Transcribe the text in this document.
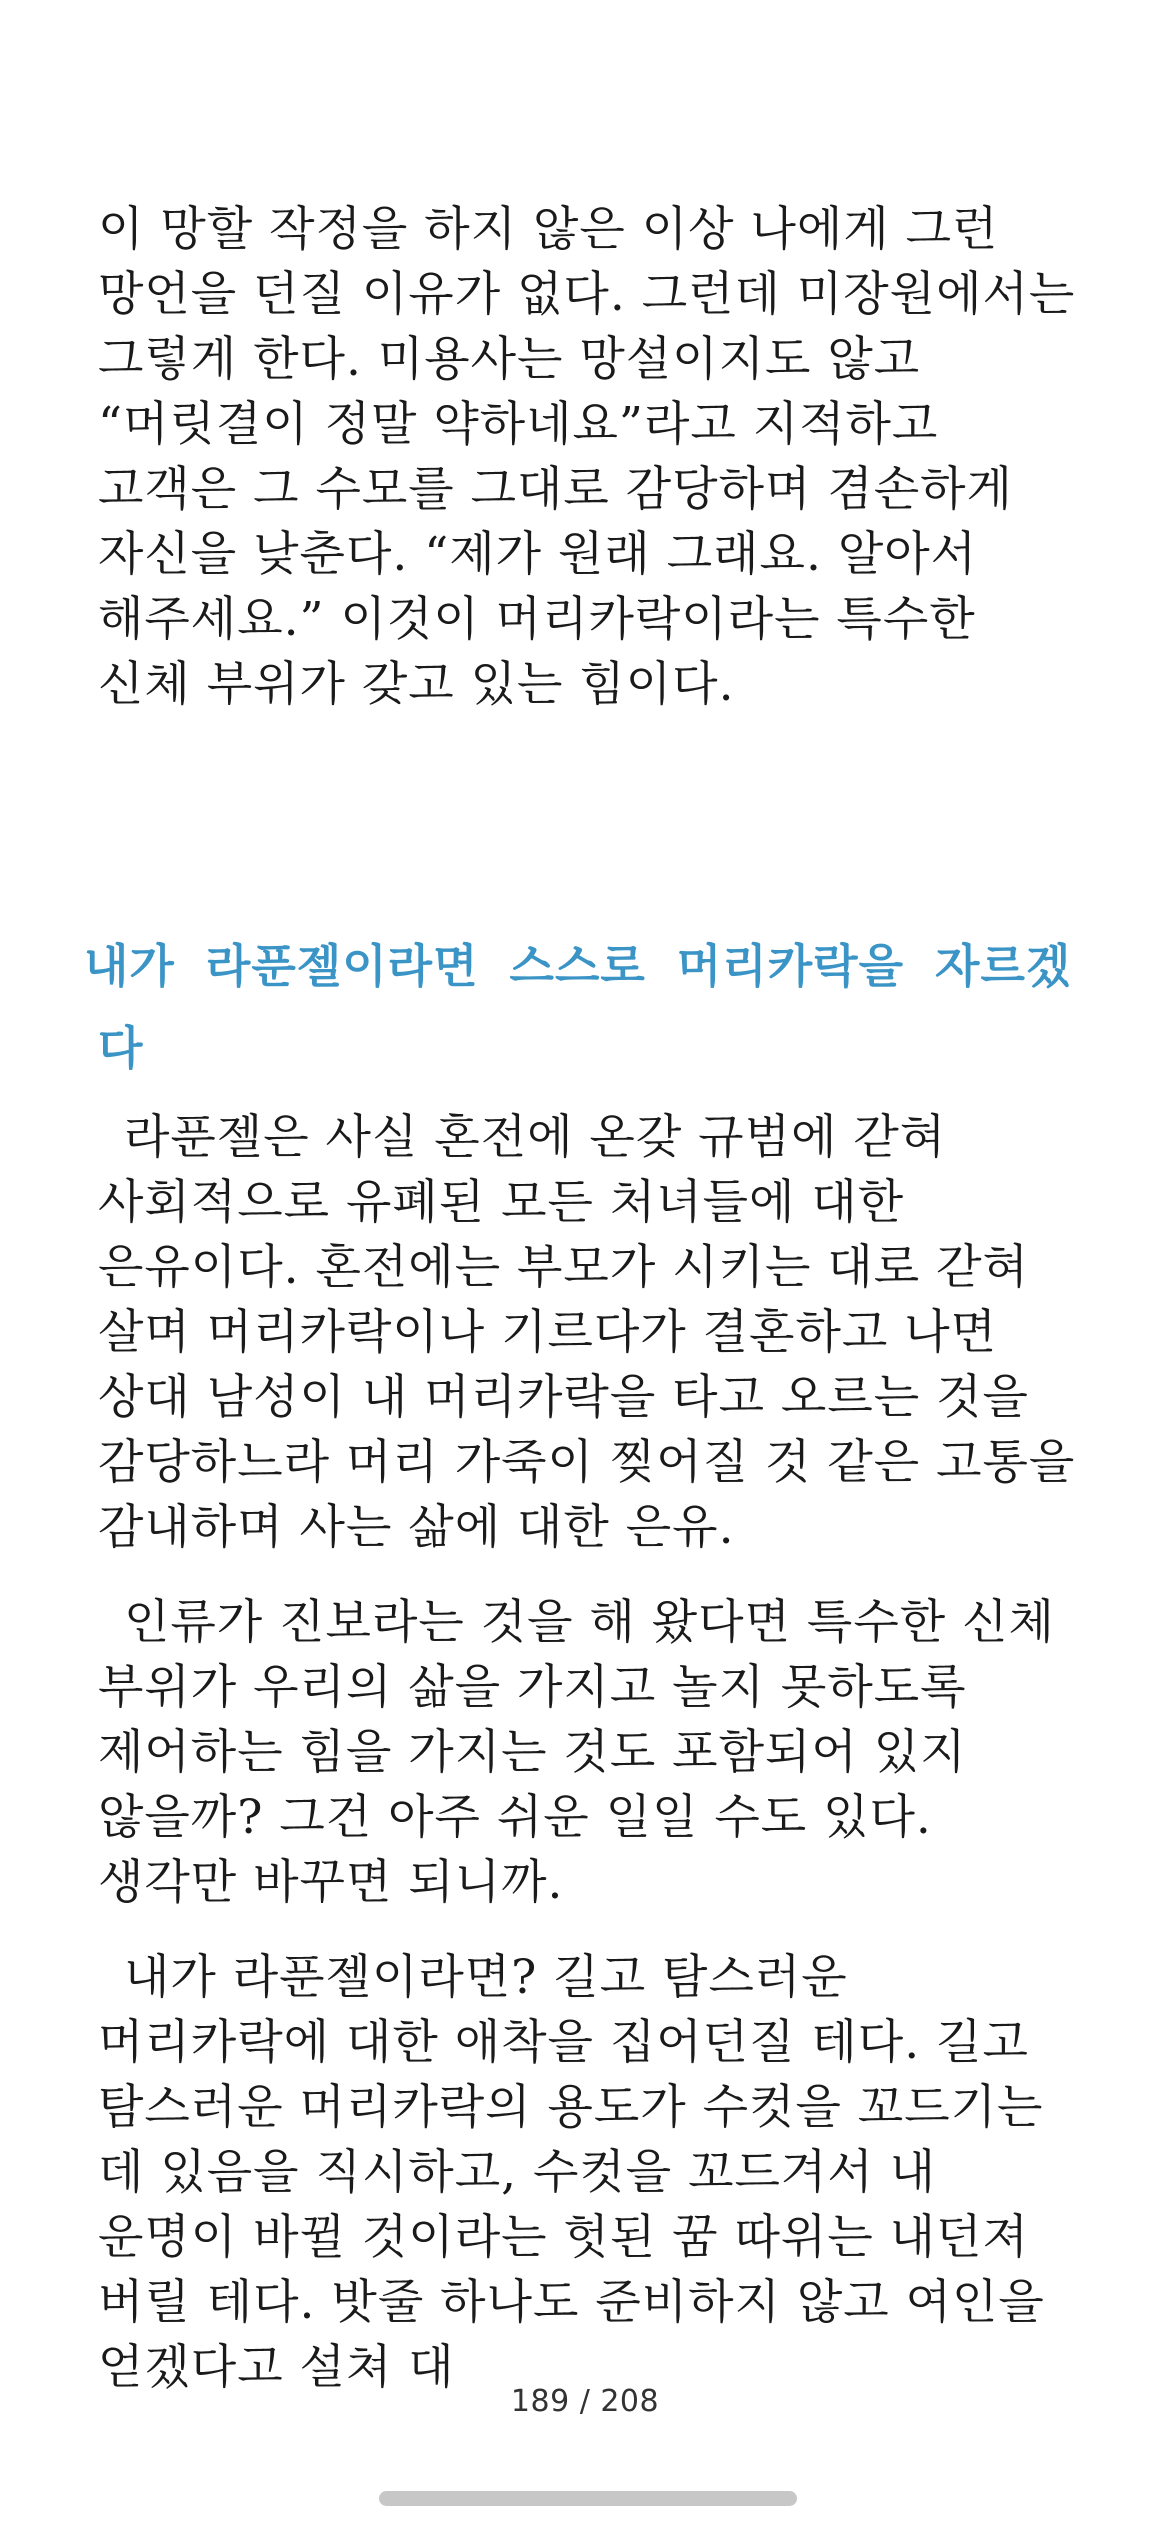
이 망할 작정을 하지 않은 이상 나에게 그런 망언을 던질 이유가 없다. 그런데 미장원에서는 그렇게 한다. 미용사는 망설이지도 않고 “머릿결이 정말 약하네요”라고 지적하고 고객은 그 수모를 그대로 감당하며 겸손하게 자신을 낮춘다. “제가 원래 그래요. 알아서 해주세요.” 이것이 머리카락이라는 특수한 신체 부위가 갖고 있는 힘이다.

내가 라푼젤이라면 스스로 머리카락을 자르겠다

라푼젤은 사실 혼전에 온갖 규범에 갇혀 사회적으로 유폐된 모든 처녀들에 대한 은유이다. 혼전에는 부모가 시키는 대로 갇혀 살며 머리카락이나 기르다가 결혼하고 나면 상대 남성이 내 머리카락을 타고 오르는 것을 감당하느라 머리 가죽이 찢어질 것 같은 고통을 감내하며 사는 삶에 대한 은유.

인류가 진보라는 것을 해 왔다면 특수한 신체 부위가 우리의 삶을 가지고 놀지 못하도록 제어하는 힘을 가지는 것도 포함되어 있지 않을까? 그건 아주 쉬운 일일 수도 있다. 생각만 바꾸면 되니까.

내가 라푼젤이라면? 길고 탐스러운 머리카락에 대한 애착을 집어던질 테다. 길고 탐스러운 머리카락의 용도가 수컷을 꼬드기는 데 있음을 직시하고, 수컷을 꼬드겨서 내 운명이 바뀔 것이라는 헛된 꿈 따위는 내던져 버릴 테다. 밧줄 하나도 준비하지 않고 여인을 얻겠다고 설쳐 대

189 / 208
